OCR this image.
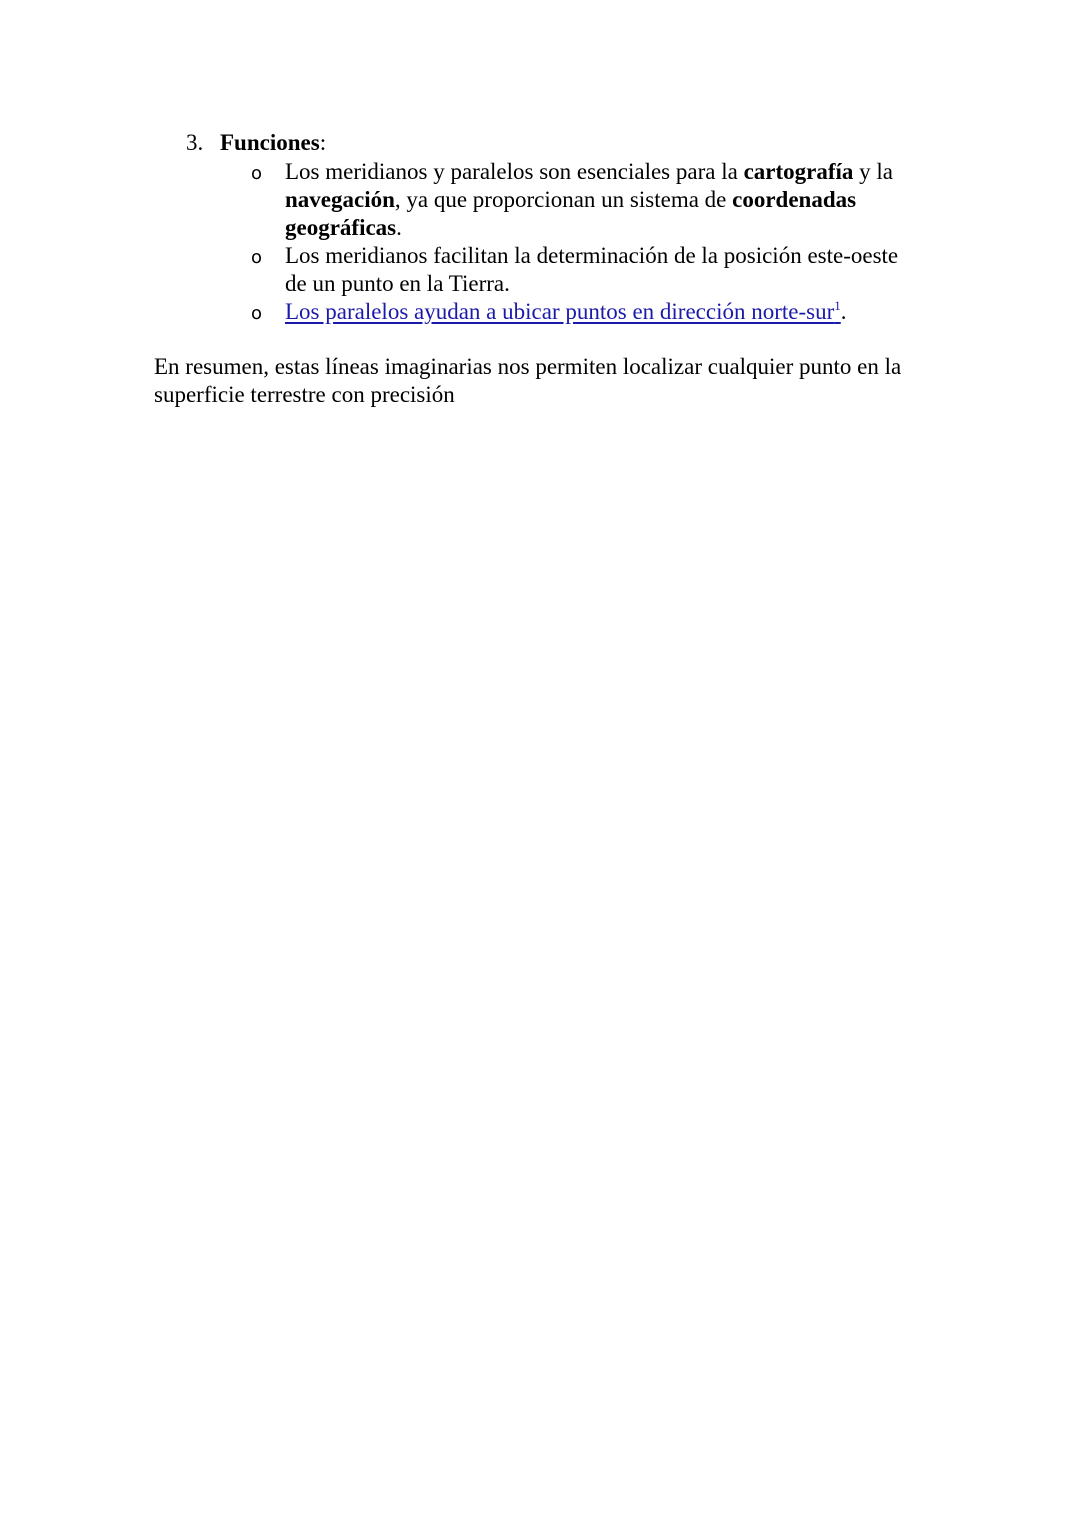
3. Funciones:
o Los meridianos y paralelos son esenciales para la cartografía y la navegación, ya que proporcionan un sistema de coordenadas geográficas.
o Los meridianos facilitan la determinación de la posición este-oeste de un punto en la Tierra.
o Los paralelos ayudan a ubicar puntos en dirección norte-sur$^1$.

En resumen, estas líneas imaginarias nos permiten localizar cualquier punto en la superficie terrestre con precisión
